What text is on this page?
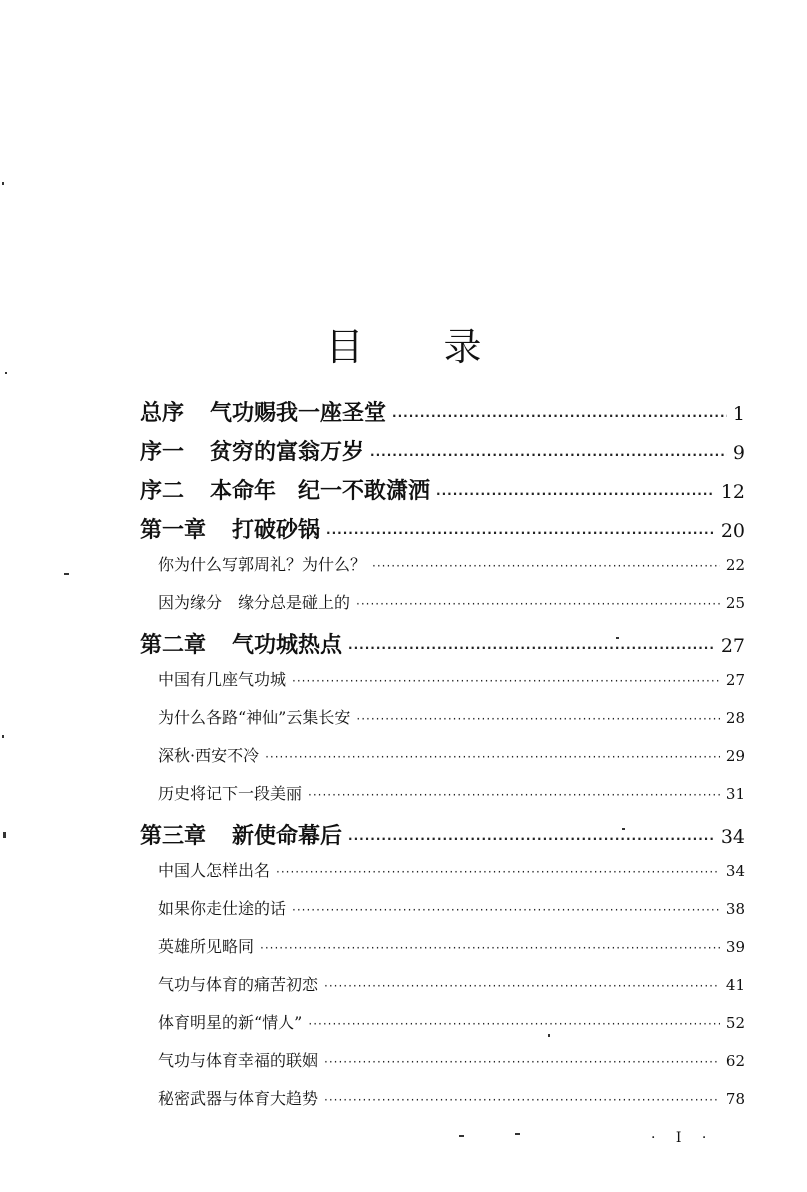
目 录
总序 气功赐我一座圣堂 ·····	1
序一 贫穷的富翁万岁 ·····	9
序二 本命年　纪一不敢潇洒 ·····	12
第一章 打破砂锅 ·····	20
你为什么写郭周礼？为什么？ ·····	22
因为缘分　缘分总是碰上的 ·····	25
第二章 气功城热点 ·····	27
中国有几座气功城 ·····	27
为什么各路“神仙”云集长安 ·····	28
深秋·西安不冷 ·····	29
历史将记下一段美丽 ·····	31
第三章 新使命幕后 ·····	34
中国人怎样出名 ·····	34
如果你走仕途的话 ·····	38
英雄所见略同 ·····	39
气功与体育的痛苦初恋 ·····	41
体育明星的新“情人” ·····	52
气功与体育幸福的联姻 ·····	62
秘密武器与体育大趋势 ·····	78
· I ·
